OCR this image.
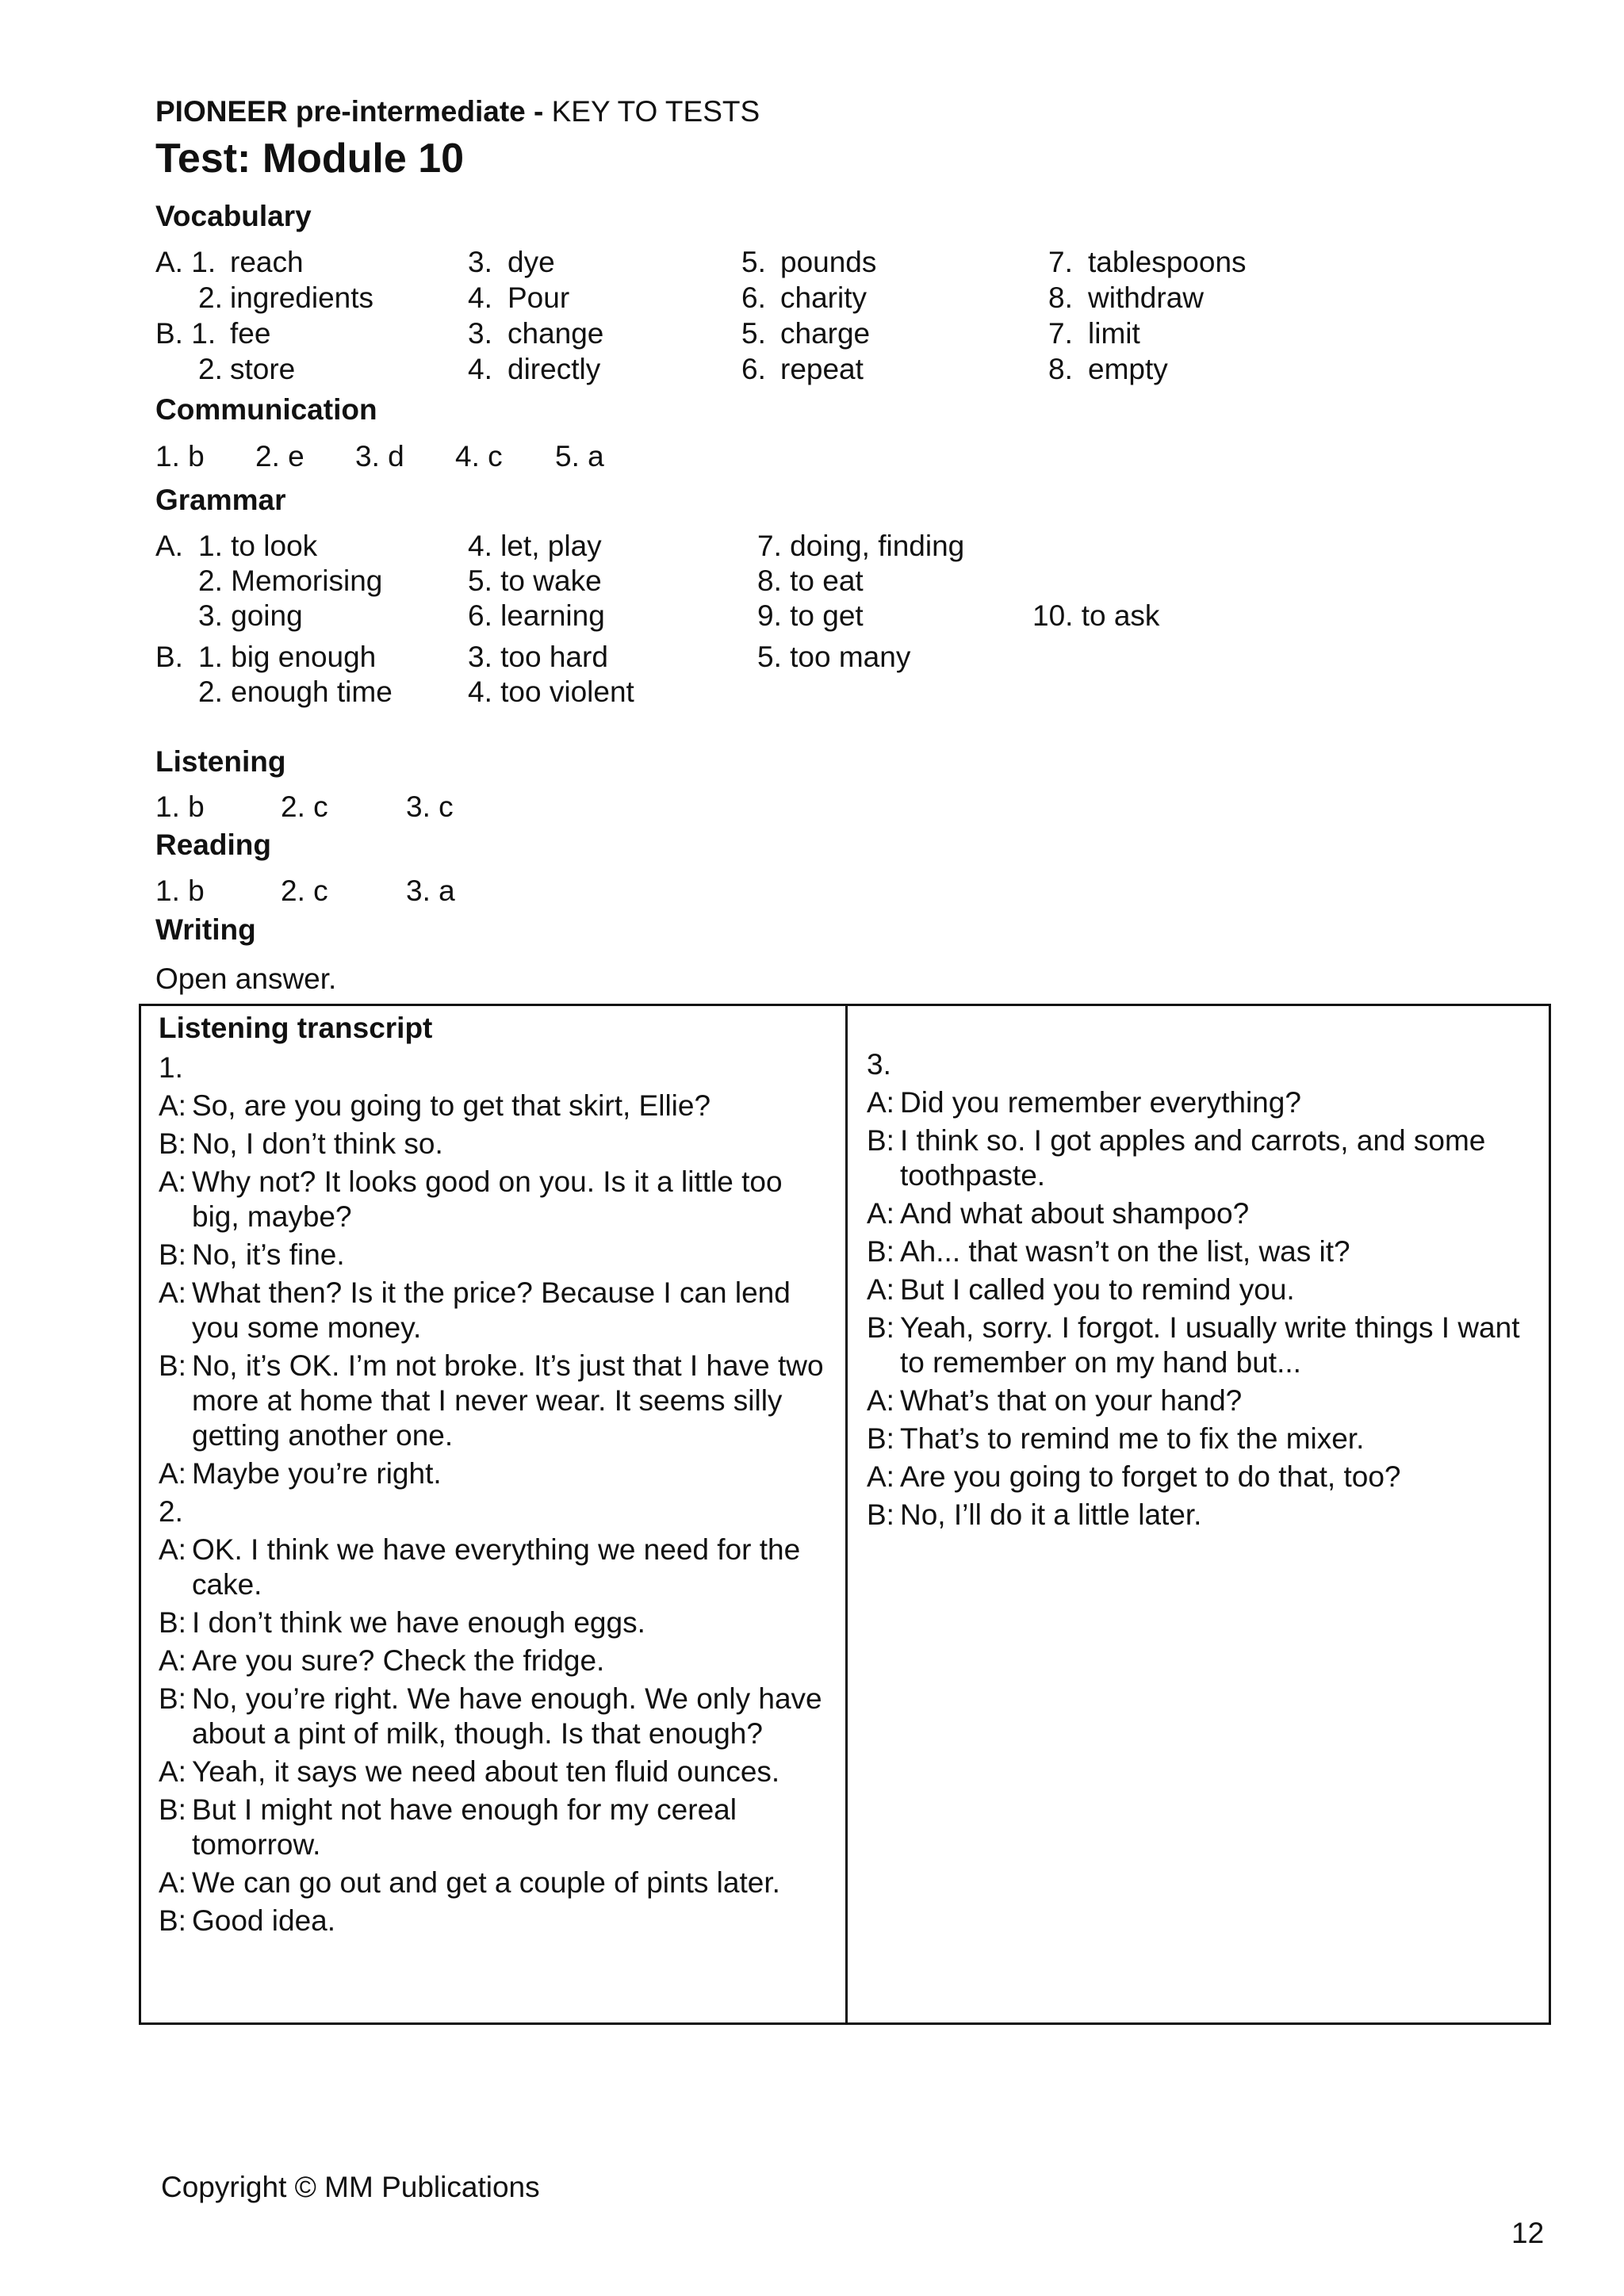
PIONEER pre-intermediate - KEY TO TESTS
Test: Module 10
Vocabulary
A. 1. reach	3. dye	5. pounds	7. tablespoons
2. ingredients	4. Pour	6. charity	8. withdraw
B. 1. fee	3. change	5. charge	7. limit
2. store	4. directly	6. repeat	8. empty
Communication
1. b 2. e 3. d 4. c 5. a
Grammar
A. 1. to look	4. let, play	7. doing, finding
2. Memorising	5. to wake	8. to eat
3. going	6. learning	9. to get	10. to ask
B. 1. big enough	3. too hard	5. too many
2. enough time	4. too violent
Listening
1. b	2. c	3. c
Reading
1. b	2. c	3. a
Writing
Open answer.
Listening transcript
1.
A: So, are you going to get that skirt, Ellie?
B: No, I don’t think so.
A: Why not? It looks good on you. Is it a little too big, maybe?
B: No, it’s fine.
A: What then? Is it the price? Because I can lend you some money.
B: No, it’s OK. I’m not broke. It’s just that I have two more at home that I never wear. It seems silly getting another one.
A: Maybe you’re right.
2.
A: OK. I think we have everything we need for the cake.
B: I don’t think we have enough eggs.
A: Are you sure? Check the fridge.
B: No, you’re right. We have enough. We only have about a pint of milk, though. Is that enough?
A: Yeah, it says we need about ten fluid ounces.
B: But I might not have enough for my cereal tomorrow.
A: We can go out and get a couple of pints later.
B: Good idea.
3.
A: Did you remember everything?
B: I think so. I got apples and carrots, and some toothpaste.
A: And what about shampoo?
B: Ah... that wasn’t on the list, was it?
A: But I called you to remind you.
B: Yeah, sorry. I forgot. I usually write things I want to remember on my hand but...
A: What’s that on your hand?
B: That’s to remind me to fix the mixer.
A: Are you going to forget to do that, too?
B: No, I’ll do it a little later.
Copyright © MM Publications
12
